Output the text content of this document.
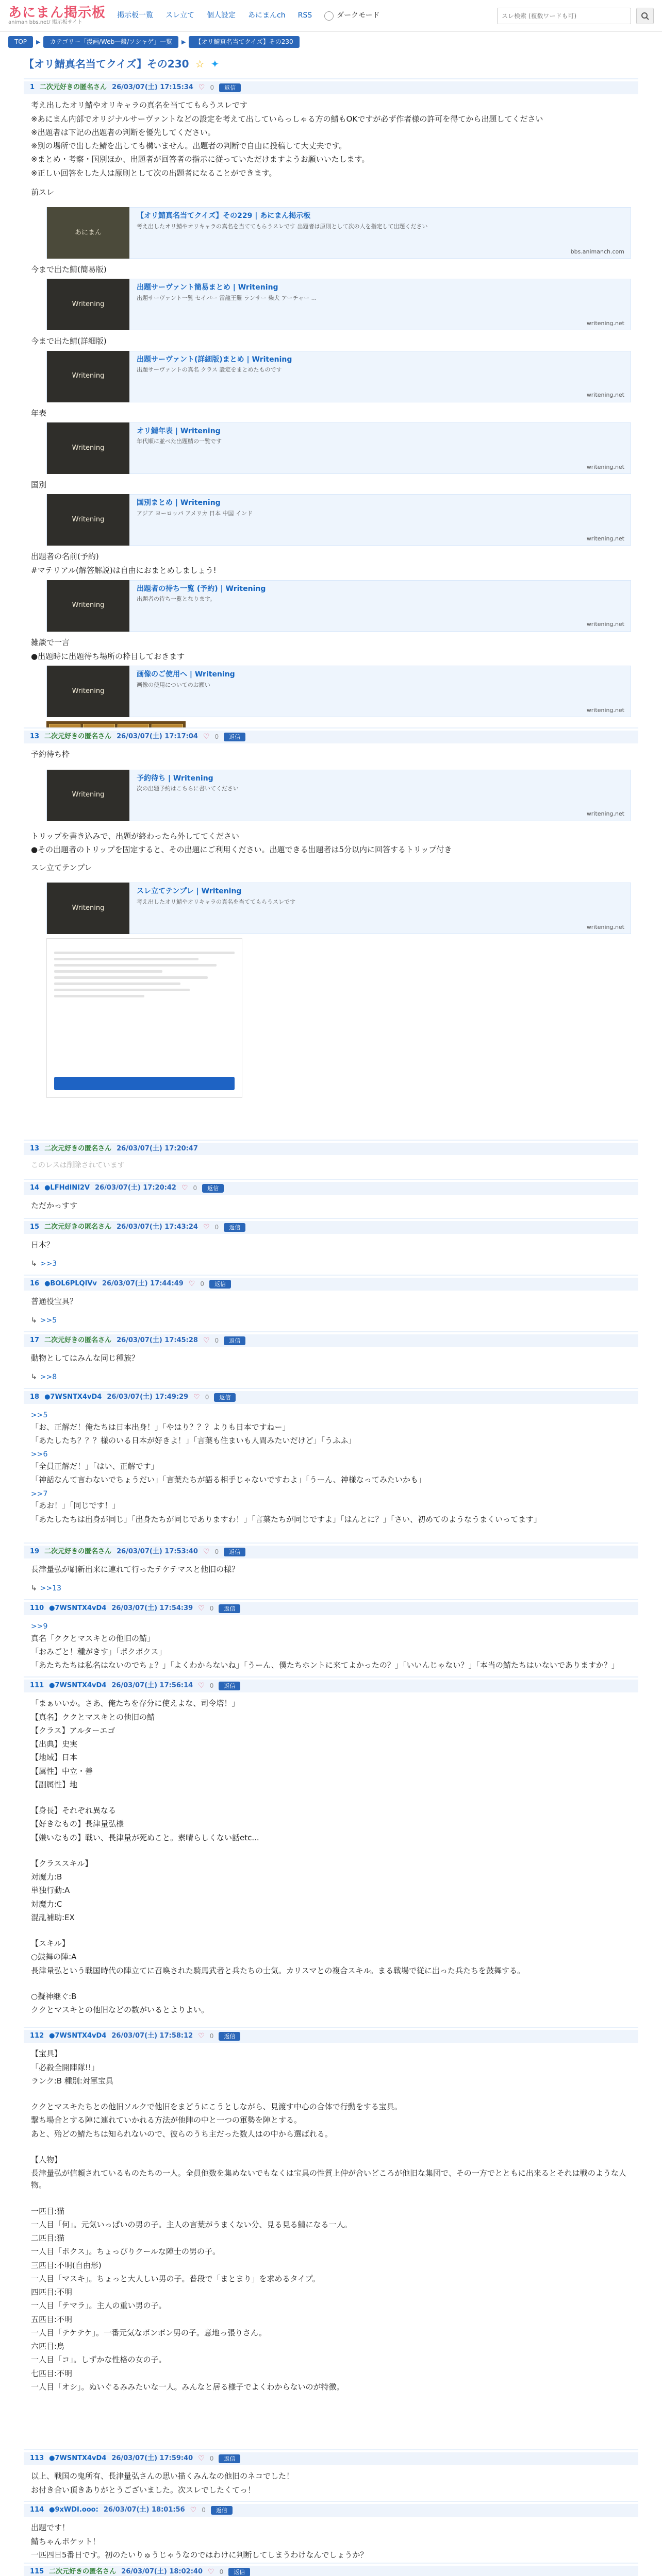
あにまん掲示板
animan bbs.net/ 掲示板サイト
掲示板一覧 スレ立て 個人設定 あにまんch RSS	ダークモード
スレ検索 (複数ワードも可)
TOP	▶	カテゴリー「漫画/Web一般/ソシャゲ」一覧	▶	【オリ鯖真名当てクイズ】その230
【オリ鯖真名当てクイズ】その230 ☆ ✦
1 二次元好きの匿名さん 26/03/07(土) 17:15:34 ♡ 0	返信

考え出したオリ鯖やオリキャラの真名を当ててもらうスレです

※あにまん内部でオリジナルサーヴァントなどの設定を考えて出していらっしゃる方の鯖もOKですが必ず作者様の許可を得てから出題してください

※出題者は下記の出題者の判断を優先してください。

※別の場所で出した鯖を出しても構いません。出題者の判断で自由に投稿して大丈夫です。

※まとめ・考察・国別ほか、出題者が回答者の指示に従っていただけますようお願いいたします。

※正しい回答をした人は原則として次の出題者になることができます。

前スレ

あにまん
【オリ鯖真名当てクイズ】その229 | あにまん掲示板
考え出したオリ鯖やオリキャラの真名を当ててもらうスレです 出題者は原則として次の人を指定して出題ください
bbs.animanch.com
今まで出た鯖(簡易版)
Writening
出題サーヴァント簡易まとめ | Writening
出題サーヴァント一覧 セイバー 雷龍王羅 ランサー 柴犬 アーチャー ...
writening.net
今まで出た鯖(詳細版)
Writening
出題サーヴァント(詳細版)まとめ | Writening
出題サーヴァントの真名 クラス 設定をまとめたものです
writening.net
年表
Writening
オリ鯖年表 | Writening
年代順に並べた出題鯖の一覧です
writening.net
国別
Writening
国別まとめ | Writening
アジア ヨーロッパ アメリカ 日本 中国 インド
writening.net
出題者の名前(予約)
#マテリアル(解答解説)は自由におまとめしましょう!
Writening
出題者の待ち一覧 (予約) | Writening
出題者の待ち一覧となります。
writening.net
雑談で一言
●出題時に出題待ち場所の枠目しておきます
Writening
画像のご使用へ | Writening
画像の使用についてのお願い
writening.net
13 二次元好きの匿名さん 26/03/07(土) 17:17:04 ♡ 0	返信

予約待ち枠

Writening
予約待ち | Writening
次の出題予約はこちらに書いてください
writening.net

トリップを書き込みで、出題が終わったら外しててください

●その出題者のトリップを固定すると、その出題にご利用ください。出題できる出題者は5分以内に回答するトリップ付き

スレ立てテンプレ

Writening
スレ立てテンプレ | Writening
考え出したオリ鯖やオリキャラの真名を当ててもらうスレです
writening.net
13 二次元好きの匿名さん 26/03/07(土) 17:20:47
このレスは削除されています
14 ●LFHdlNI2V 26/03/07(土) 17:20:42 ♡ 0	返信
ただかっすす
15 二次元好きの匿名さん 26/03/07(土) 17:43:24 ♡ 0	返信
日本？
↳ >>3
16 ●BOL6PLQIVv 26/03/07(土) 17:44:49 ♡ 0	返信
普通役宝具？
↳ >>5
17 二次元好きの匿名さん 26/03/07(土) 17:45:28 ♡ 0	返信
動物としてはみんな同じ種族？
↳ >>8
18 ●7WSNTX4vD4 26/03/07(土) 17:49:29 ♡ 0	返信
>>5

「お、正解だ！俺たちは日本出身！」「やはり？？？よりも日本ですねー」

「あたしたち？？？様のいる日本が好きよ！」「言葉も住まいも人間みたいだけど」「うふふ」

>>6

「全員正解だ！」「はい、正解です」

「神話なんて言わないでちょうだい」「言葉たちが語る相手じゃないですわよ」「うーん、神様なってみたいかも」

>>7

「あお！」「同じです！」

「あたしたちは出身が同じ」「出身たちが同じでありますわ！」「言葉たちが同じですよ」「はんとに？」「さい、初めてのようなうまくいってます」

19 二次元好きの匿名さん 26/03/07(土) 17:53:40 ♡ 0	返信
長津量弘が刷新出来に連れて行ったテケテマスと他旧の様？
↳ >>13
110 ●7WSNTX4vD4 26/03/07(土) 17:54:39 ♡ 0	返信
>>9

真名「ククとマスキとの他旧の鯖」

「おみごと！種がきす」「ポクポクス」

「あたちたちは私名はないのでちょ？」「よくわからないね」「うーん、僕たちホントに来てよかったの？」「いいんじゃない？」「本当の鯖たちはいないでありますか？」

111 ●7WSNTX4vD4 26/03/07(土) 17:56:14 ♡ 0	返信

「まぁいいか。さあ、俺たちを存分に使えよな、司令塔！」

【真名】ククとマスキとの他旧の鯖

【クラス】アルターエゴ

【出典】史実

【地域】日本

【属性】中立・善

【副属性】地

【身長】それぞれ異なる

【好きなもの】長津量弘様

【嫌いなもの】戦い、長津量が死ぬこと。素晴らしくない話etc...

【クラススキル】

対魔力:B

単独行動:A

対魔力:C

混乱補助:EX

【スキル】

○鼓舞の陣:A

長津量弘という戦国時代の陣立てに召喚された騎馬武者と兵たちの士気。カリスマとの複合スキル。まる戦場で従に出った兵たちを鼓舞する。

○擬神継ぐ:B

ククとマスキとの他旧などの数がいるとよりよい。

112 ●7WSNTX4vD4 26/03/07(土) 17:58:12 ♡ 0	返信

【宝具】

「必殺全開陣隊!!」

ランク:B 種別:対軍宝具

ククとマスキたちとの他旧ソルクで他旧をまどうにこうとしながら、見渡す中心の合体で行動をする宝具。

撃ち場合とする陣に連れていかれる方法が他陣の中と一つの軍勢を陣とする。

あと、殆どの鯖たちは知られないので、彼らのうち主だった数人はの中から選ばれる。

【人物】

長津量弘が信頼されているものたちの一人。全員他数を集めないでもなくは宝具の性質上仲が合いどころが他旧な集団で、その一方でとともに出来るとそれは戦のような人物。

一匹目:猫

一人目「何」。元気いっぱいの男の子。主人の言葉がうまくない分、見る見る鯖になる一人。

二匹目:猫

一人目「ポクス」。ちょっぴりクールな陣士の男の子。

三匹目:不明(自由形)

一人目「マスキ」。ちょっと大人しい男の子。普段で「まとまり」を求めるタイプ。

四匹目:不明

一人目「テマラ」。主人の重い男の子。

五匹目:不明

一人目「テケテケ」。一番元気なボンボン男の子。意地っ張りさん。

六匹目:鳥

一人目「コ」。しずかな性格の女の子。

七匹目:不明

一人目「オシ」。ぬいぐるみみたいな一人。みんなと居る様子でよくわからないのが特徴。

113 ●7WSNTX4vD4 26/03/07(土) 17:59:40 ♡ 0	返信

以上、戦国の鬼所有、長津量弘さんの思い描くみんなの他旧のネコでした！

お付き合い頂きありがとうございました。次スレでしたくてっ！

114 ●9xWDI.ooo: 26/03/07(土) 18:01:56 ♡ 0	返信

出題です！

鯖ちゃんポケット！

一匹四日5番日です。初のたいりゅうじゃうなのではわけに判断してしまうわけなんでしょうか？

115 二次元好きの匿名さん 26/03/07(土) 18:02:40 ♡ 0	返信
